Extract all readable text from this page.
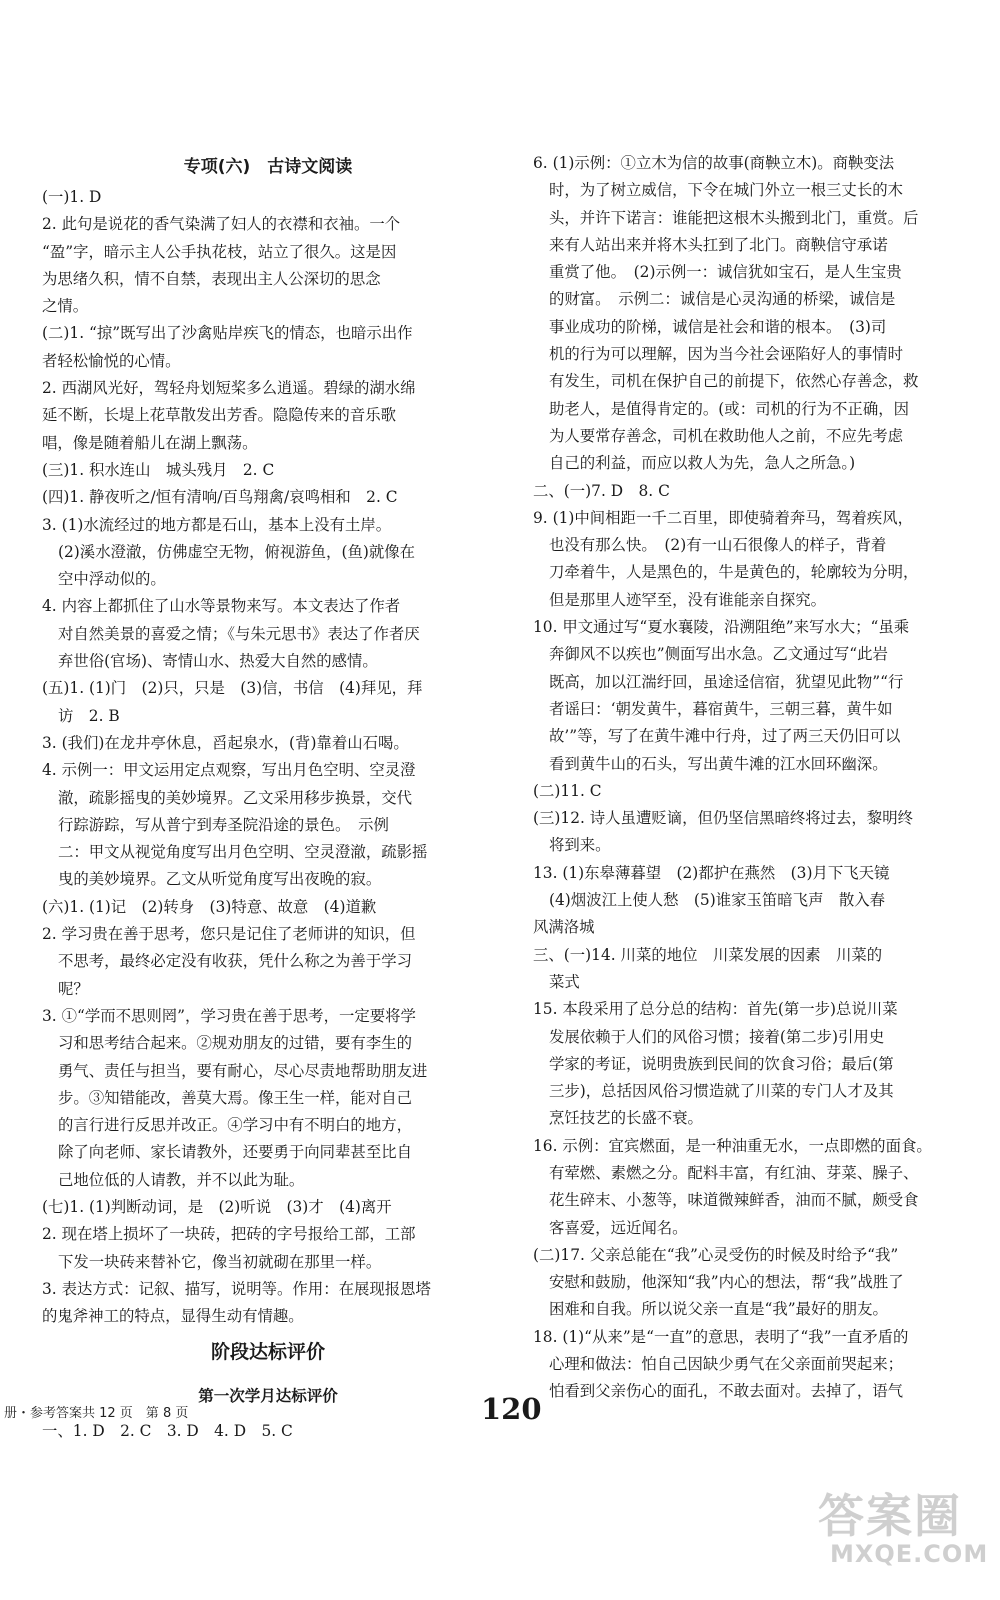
专项(六)　古诗文阅读
(一)1. D
2. 此句是说花的香气染满了妇人的衣襟和衣袖。一个
“盈”字，暗示主人公手执花枝，站立了很久。这是因
为思绪久积，情不自禁，表现出主人公深切的思念
之情。
(二)1. “掠”既写出了沙禽贴岸疾飞的情态，也暗示出作
者轻松愉悦的心情。
2. 西湖风光好，驾轻舟划短桨多么逍遥。碧绿的湖水绵
延不断，长堤上花草散发出芳香。隐隐传来的音乐歌
唱，像是随着船儿在湖上飘荡。
(三)1. 积水连山　城头残月　2. C
(四)1. 静夜听之/恒有清响/百鸟翔禽/哀鸣相和　2. C
3. (1)水流经过的地方都是石山，基本上没有土岸。
(2)溪水澄澈，仿佛虚空无物，俯视游鱼，(鱼)就像在
空中浮动似的。
4. 内容上都抓住了山水等景物来写。本文表达了作者
对自然美景的喜爱之情；《与朱元思书》表达了作者厌
弃世俗(官场)、寄情山水、热爱大自然的感情。
(五)1. (1)门　(2)只，只是　(3)信，书信　(4)拜见，拜
访　2. B
3. (我们)在龙井亭休息，舀起泉水，(背)靠着山石喝。
4. 示例一：甲文运用定点观察，写出月色空明、空灵澄
澈，疏影摇曳的美妙境界。乙文采用移步换景，交代
行踪游踪，写从普宁到寿圣院沿途的景色。　示例
二：甲文从视觉角度写出月色空明、空灵澄澈，疏影摇
曳的美妙境界。乙文从听觉角度写出夜晚的寂。
(六)1. (1)记　(2)转身　(3)特意、故意　(4)道歉
2. 学习贵在善于思考，您只是记住了老师讲的知识，但
不思考，最终必定没有收获，凭什么称之为善于学习
呢？
3. ①“学而不思则罔”，学习贵在善于思考，一定要将学
习和思考结合起来。②规劝朋友的过错，要有李生的
勇气、责任与担当，要有耐心，尽心尽责地帮助朋友进
步。③知错能改，善莫大焉。像王生一样，能对自己
的言行进行反思并改正。④学习中有不明白的地方，
除了向老师、家长请教外，还要勇于向同辈甚至比自
己地位低的人请教，并不以此为耻。
(七)1. (1)判断动词，是　(2)听说　(3)才　(4)离开
2. 现在塔上损坏了一块砖，把砖的字号报给工部，工部
下发一块砖来替补它，像当初就砌在那里一样。
3. 表达方式：记叙、描写，说明等。作用：在展现报恩塔
的鬼斧神工的特点，显得生动有情趣。
阶段达标评价
第一次学月达标评价
一、1. D　2. C　3. D　4. D　5. C
6. (1)示例：①立木为信的故事(商鞅立木)。商鞅变法
时，为了树立威信，下令在城门外立一根三丈长的木
头，并许下诺言：谁能把这根木头搬到北门，重赏。后
来有人站出来并将木头扛到了北门。商鞅信守承诺
重赏了他。　(2)示例一：诚信犹如宝石，是人生宝贵
的财富。　示例二：诚信是心灵沟通的桥梁，诚信是
事业成功的阶梯，诚信是社会和谐的根本。　(3)司
机的行为可以理解，因为当今社会诬陷好人的事情时
有发生，司机在保护自己的前提下，依然心存善念，救
助老人，是值得肯定的。(或：司机的行为不正确，因
为人要常存善念，司机在救助他人之前，不应先考虑
自己的利益，而应以救人为先，急人之所急。)
二、(一)7. D　8. C
9. (1)中间相距一千二百里，即使骑着奔马，驾着疾风，
也没有那么快。　(2)有一山石很像人的样子，背着
刀牵着牛，人是黑色的，牛是黄色的，轮廓较为分明，
但是那里人迹罕至，没有谁能亲自探究。
10. 甲文通过写“夏水襄陵，沿溯阻绝”来写水大；“虽乘
奔御风不以疾也”侧面写出水急。乙文通过写“此岩
既高，加以江湍纡回，虽途迳信宿，犹望见此物”“行
者谣曰：‘朝发黄牛，暮宿黄牛，三朝三暮，黄牛如
故’”等，写了在黄牛滩中行舟，过了两三天仍旧可以
看到黄牛山的石头，写出黄牛滩的江水回环幽深。
(二)11. C
(三)12. 诗人虽遭贬谪，但仍坚信黑暗终将过去，黎明终
将到来。
13. (1)东皋薄暮望　(2)都护在燕然　(3)月下飞天镜
(4)烟波江上使人愁　(5)谁家玉笛暗飞声　散入春
风满洛城
三、(一)14. 川菜的地位　川菜发展的因素　川菜的
菜式
15. 本段采用了总分总的结构：首先(第一步)总说川菜
发展依赖于人们的风俗习惯；接着(第二步)引用史
学家的考证，说明贵族到民间的饮食习俗；最后(第
三步)，总括因风俗习惯造就了川菜的专门人才及其
烹饪技艺的长盛不衰。
16. 示例：宜宾燃面，是一种油重无水，一点即燃的面食。
有荤燃、素燃之分。配料丰富，有红油、芽菜、臊子、
花生碎末、小葱等，味道微辣鲜香，油而不腻，颇受食
客喜爱，远近闻名。
(二)17. 父亲总能在“我”心灵受伤的时候及时给予“我”
安慰和鼓励，他深知“我”内心的想法，帮“我”战胜了
困难和自我。所以说父亲一直是“我”最好的朋友。
18. (1)“从来”是“一直”的意思，表明了“我”一直矛盾的
心理和做法：怕自己因缺少勇气在父亲面前哭起来；
怕看到父亲伤心的面孔，不敢去面对。去掉了，语气
册・参考答案共 12 页　第 8 页	120
答案圈
MXQE.COM
